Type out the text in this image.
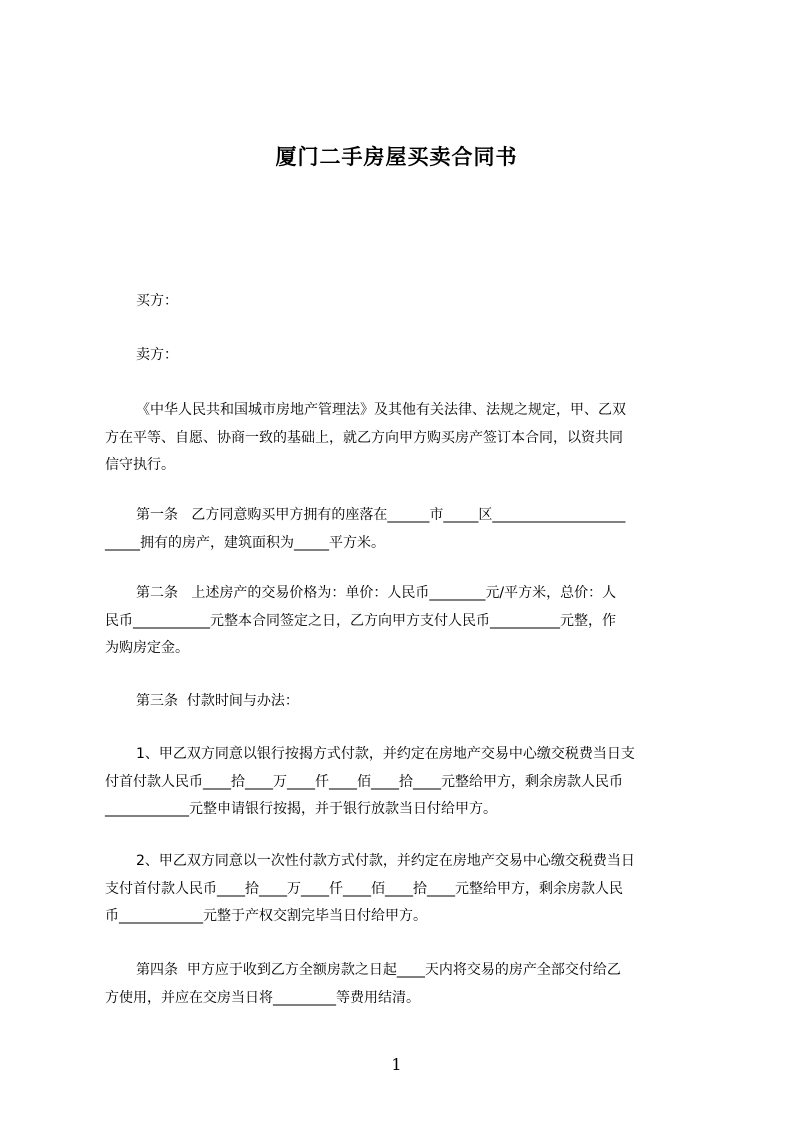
厦门二手房屋买卖合同书

买方：

卖方：

《中华人民共和国城市房地产管理法》及其他有关法律、法规之规定，甲、乙双

方在平等、自愿、协商一致的基础上，就乙方向甲方购买房产签订本合同，以资共同

信守执行。

第一条   乙方同意购买甲方拥有的座落在______市_____区___________________

_____拥有的房产，建筑面积为_____平方米。

第二条   上述房产的交易价格为：单价：人民币________元/平方米，总价：人

民币___________元整本合同签定之日，乙方向甲方支付人民币__________元整，作

为购房定金。

第三条  付款时间与办法：

1、甲乙双方同意以银行按揭方式付款，并约定在房地产交易中心缴交税费当日支

付首付款人民币____拾____万____仟____佰____拾____元整给甲方，剩余房款人民币

____________元整申请银行按揭，并于银行放款当日付给甲方。

2、甲乙双方同意以一次性付款方式付款，并约定在房地产交易中心缴交税费当日

支付首付款人民币____拾____万____仟____佰____拾____元整给甲方，剩余房款人民

币____________元整于产权交割完毕当日付给甲方。

第四条  甲方应于收到乙方全额房款之日起____天内将交易的房产全部交付给乙

方使用，并应在交房当日将_________等费用结清。

1
